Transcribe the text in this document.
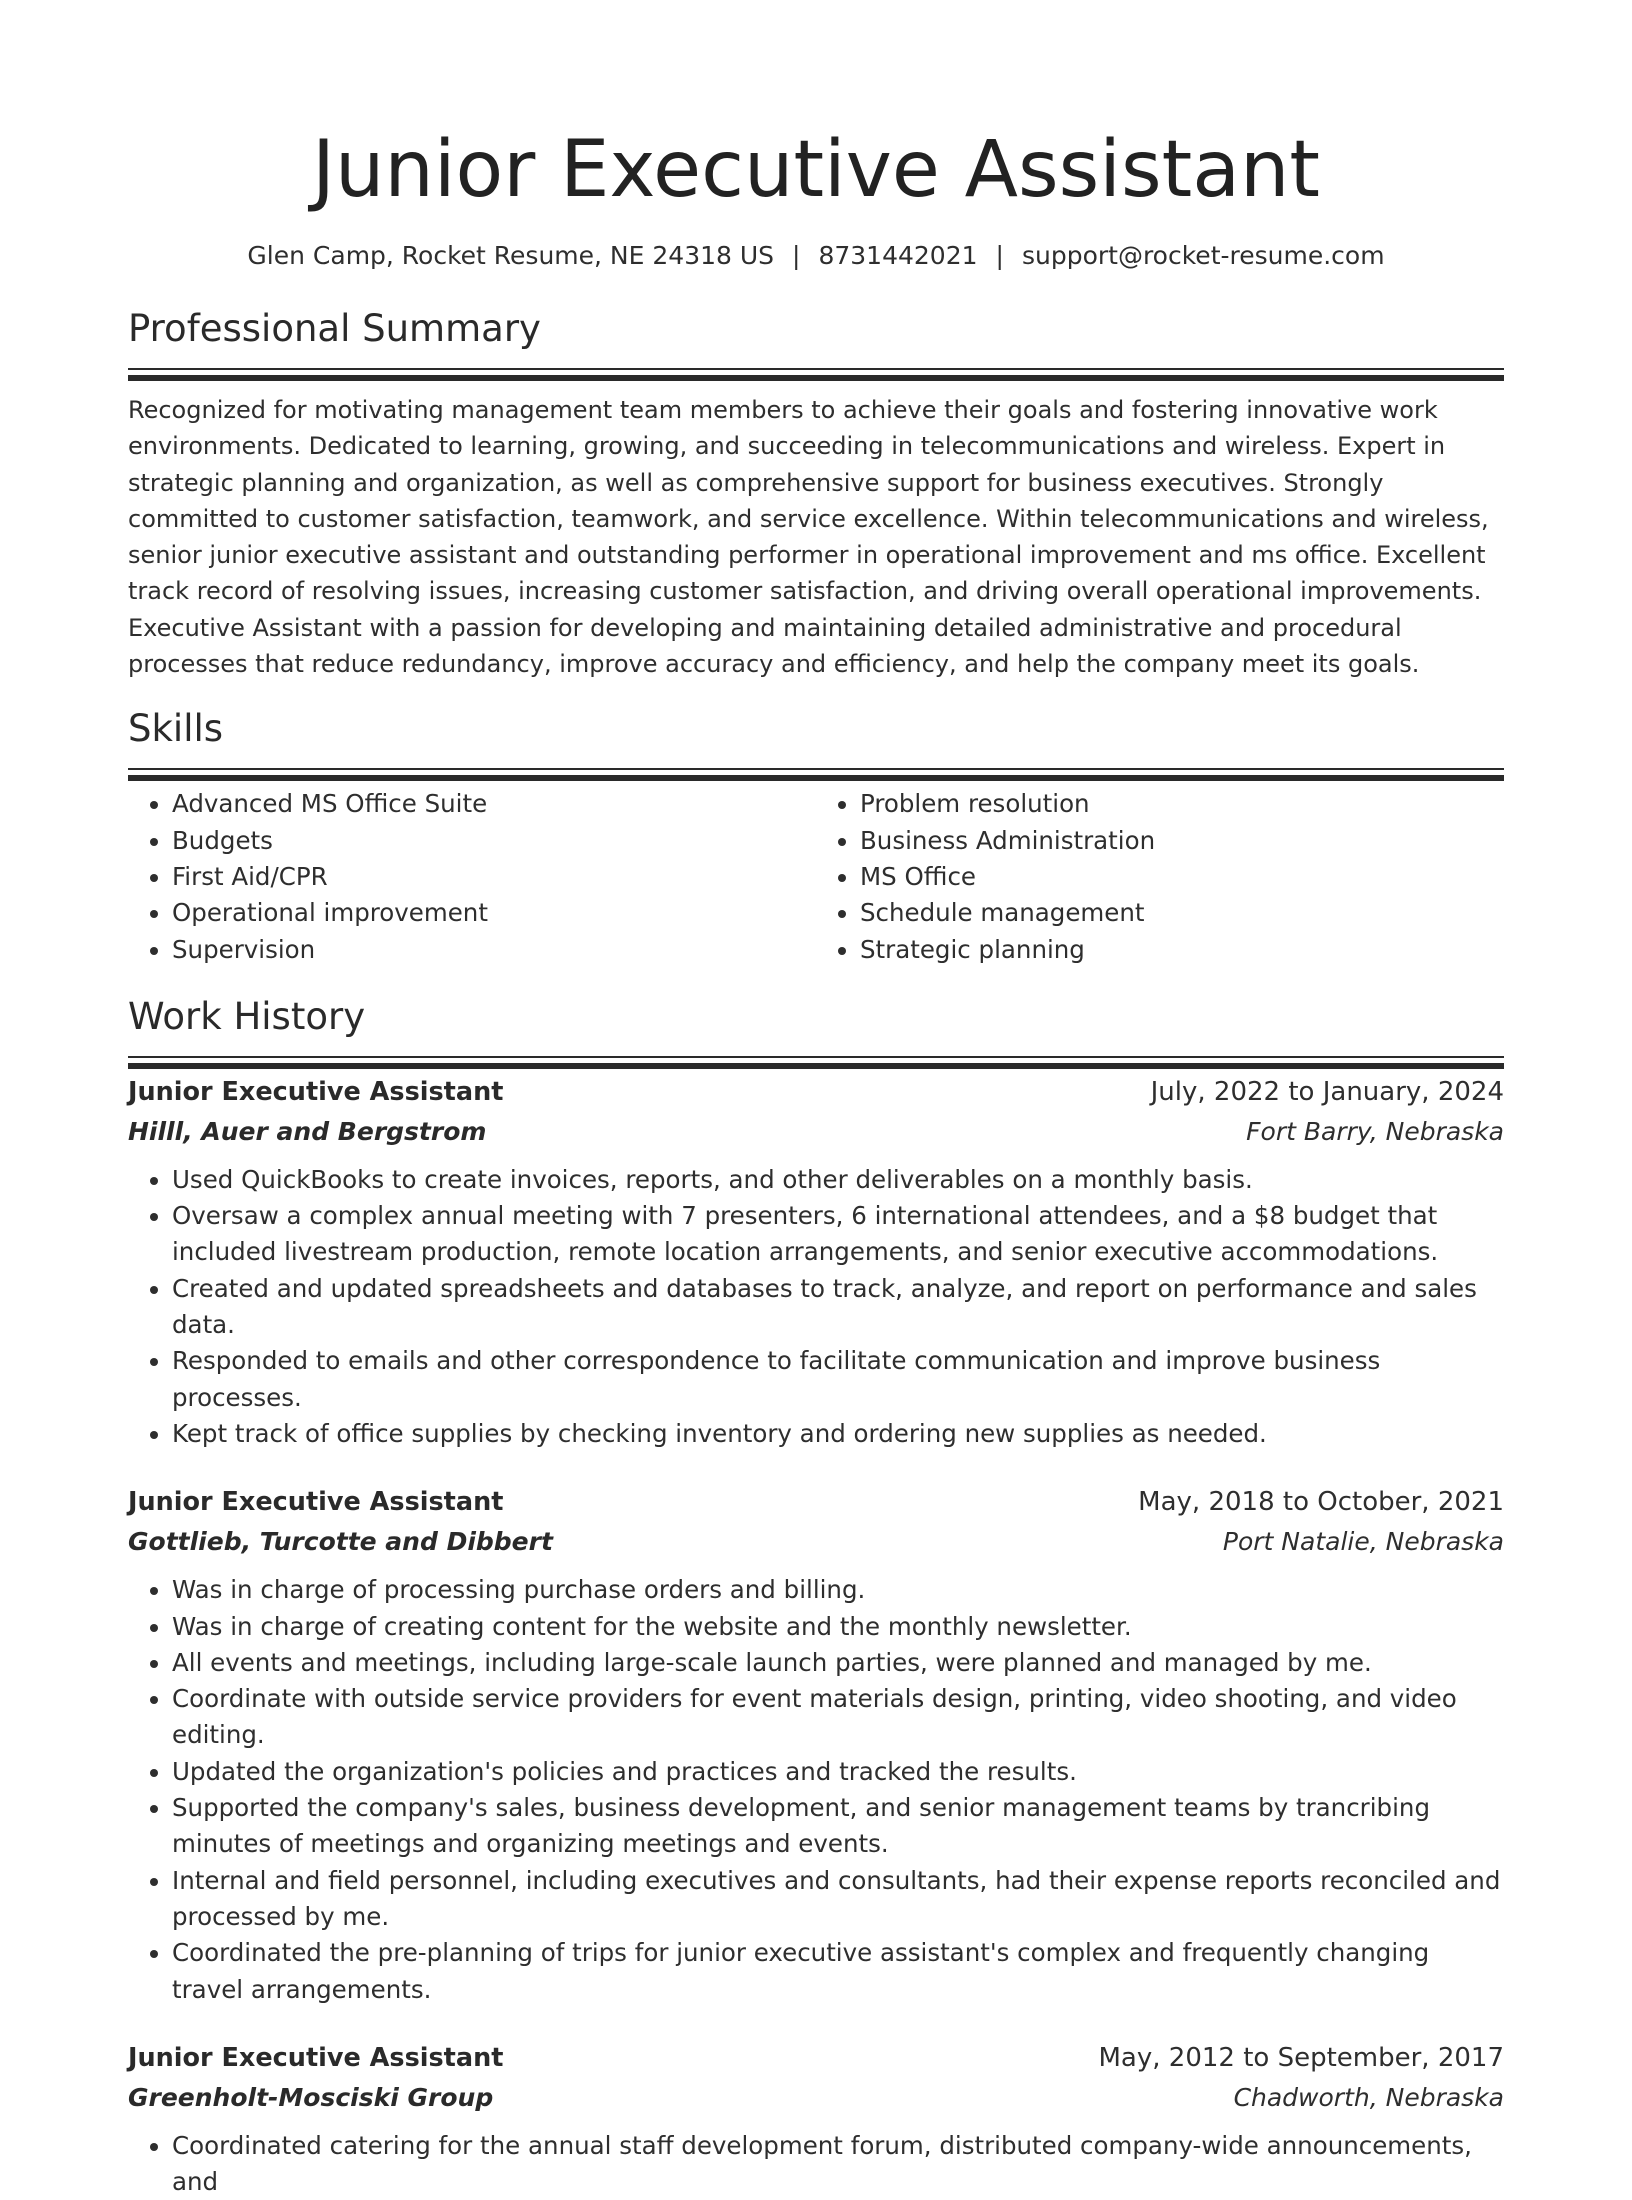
Junior Executive Assistant
Glen Camp, Rocket Resume, NE 24318 US | 8731442021 | support@rocket-resume.com
Professional Summary

Recognized for motivating management team members to achieve their goals and fostering innovative work environments. Dedicated to learning, growing, and succeeding in telecommunications and wireless. Expert in strategic planning and organization, as well as comprehensive support for business executives. Strongly committed to customer satisfaction, teamwork, and service excellence. Within telecommunications and wireless, senior junior executive assistant and outstanding performer in operational improvement and ms office. Excellent track record of resolving issues, increasing customer satisfaction, and driving overall operational improvements. Executive Assistant with a passion for developing and maintaining detailed administrative and procedural processes that reduce redundancy, improve accuracy and efficiency, and help the company meet its goals.

Skills
• Advanced MS Office Suite
• Budgets
• First Aid/CPR
• Operational improvement
• Supervision
• Problem resolution
• Business Administration
• MS Office
• Schedule management
• Strategic planning
Work History
Junior Executive Assistant	July, 2022 to January, 2024
Hilll, Auer and Bergstrom	Fort Barry, Nebraska
• Used QuickBooks to create invoices, reports, and other deliverables on a monthly basis.
• Oversaw a complex annual meeting with 7 presenters, 6 international attendees, and a $8 budget that included livestream production, remote location arrangements, and senior executive accommodations.
• Created and updated spreadsheets and databases to track, analyze, and report on performance and sales data.
• Responded to emails and other correspondence to facilitate communication and improve business processes.
• Kept track of office supplies by checking inventory and ordering new supplies as needed.
Junior Executive Assistant	May, 2018 to October, 2021
Gottlieb, Turcotte and Dibbert	Port Natalie, Nebraska
• Was in charge of processing purchase orders and billing.
• Was in charge of creating content for the website and the monthly newsletter.
• All events and meetings, including large-scale launch parties, were planned and managed by me.
• Coordinate with outside service providers for event materials design, printing, video shooting, and video editing.
• Updated the organization's policies and practices and tracked the results.
• Supported the company's sales, business development, and senior management teams by trancribing minutes of meetings and organizing meetings and events.
• Internal and field personnel, including executives and consultants, had their expense reports reconciled and processed by me.
• Coordinated the pre-planning of trips for junior executive assistant's complex and frequently changing travel arrangements.
Junior Executive Assistant	May, 2012 to September, 2017
Greenholt-Mosciski Group	Chadworth, Nebraska
• Coordinated catering for the annual staff development forum, distributed company-wide announcements, and
